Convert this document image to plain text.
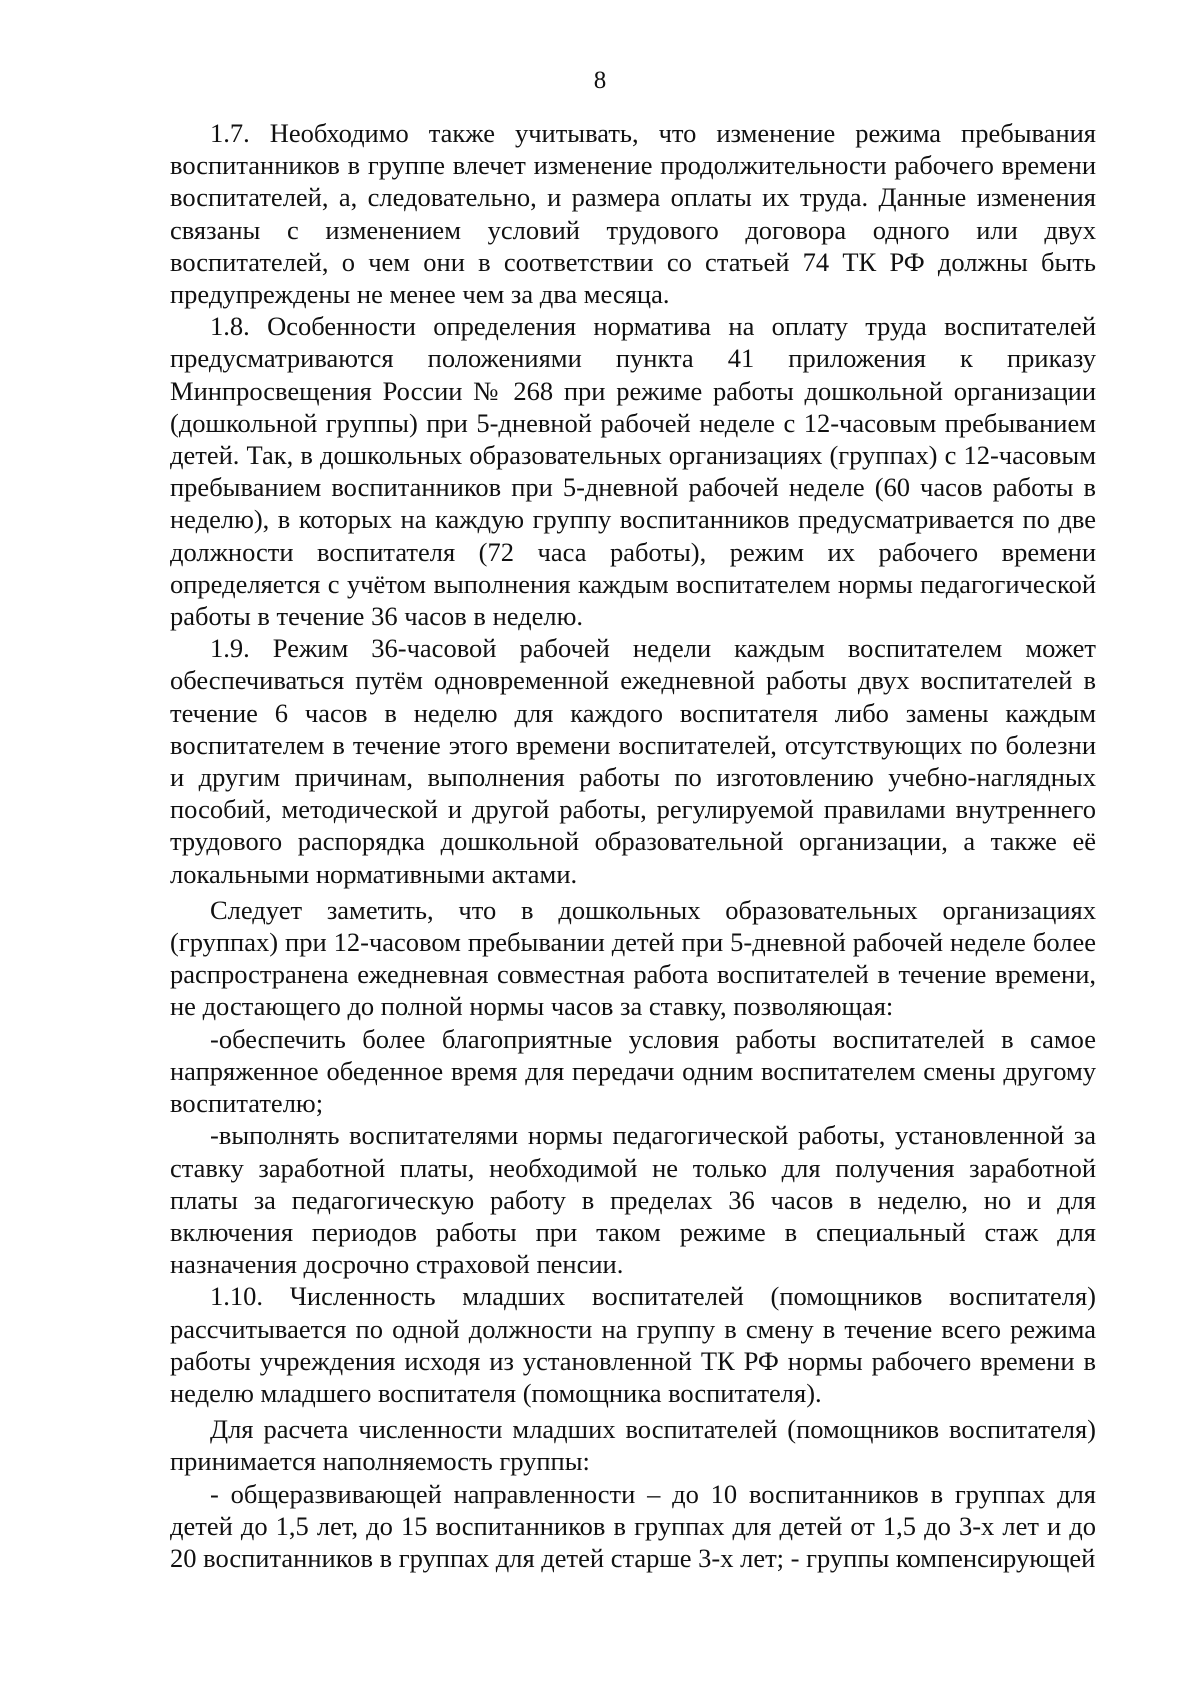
8

1.7. Необходимо также учитывать, что изменение режима пребывания воспитанников в группе влечет изменение продолжительности рабочего времени воспитателей, а, следовательно, и размера оплаты их труда. Данные изменения связаны с изменением условий трудового договора одного или двух воспитателей, о чем они в соответствии со статьей 74 ТК РФ должны быть предупреждены не менее чем за два месяца.

1.8. Особенности определения норматива на оплату труда воспитателей предусматриваются положениями пункта 41 приложения к приказу Минпросвещения России № 268 при режиме работы дошкольной организации (дошкольной группы) при 5-дневной рабочей неделе с 12-часовым пребыванием детей. Так, в дошкольных образовательных организациях (группах) с 12-часовым пребыванием воспитанников при 5-дневной рабочей неделе (60 часов работы в неделю), в которых на каждую группу воспитанников предусматривается по две должности воспитателя (72 часа работы), режим их рабочего времени определяется с учётом выполнения каждым воспитателем нормы педагогической работы в течение 36 часов в неделю.

1.9. Режим 36-часовой рабочей недели каждым воспитателем может обеспечиваться путём одновременной ежедневной работы двух воспитателей в течение 6 часов в неделю для каждого воспитателя либо замены каждым воспитателем в течение этого времени воспитателей, отсутствующих по болезни и другим причинам, выполнения работы по изготовлению учебно-наглядных пособий, методической и другой работы, регулируемой правилами внутреннего трудового распорядка дошкольной образовательной организации, а также её локальными нормативными актами.

Следует заметить, что в дошкольных образовательных организациях (группах) при 12-часовом пребывании детей при 5-дневной рабочей неделе более распространена ежедневная совместная работа воспитателей в течение времени, не достающего до полной нормы часов за ставку, позволяющая:

-обеспечить более благоприятные условия работы воспитателей в самое напряженное обеденное время для передачи одним воспитателем смены другому воспитателю;

-выполнять воспитателями нормы педагогической работы, установленной за ставку заработной платы, необходимой не только для получения заработной платы за педагогическую работу в пределах 36 часов в неделю, но и для включения периодов работы при таком режиме в специальный стаж для назначения досрочно страховой пенсии.

1.10. Численность младших воспитателей (помощников воспитателя) рассчитывается по одной должности на группу в смену в течение всего режима работы учреждения исходя из установленной ТК РФ нормы рабочего времени в неделю младшего воспитателя (помощника воспитателя).

Для расчета численности младших воспитателей (помощников воспитателя) принимается наполняемость группы:

- общеразвивающей направленности – до 10 воспитанников в группах для детей до 1,5 лет, до 15 воспитанников в группах для детей от 1,5 до 3-х лет и до 20 воспитанников в группах для детей старше 3-х лет; - группы компенсирующей
